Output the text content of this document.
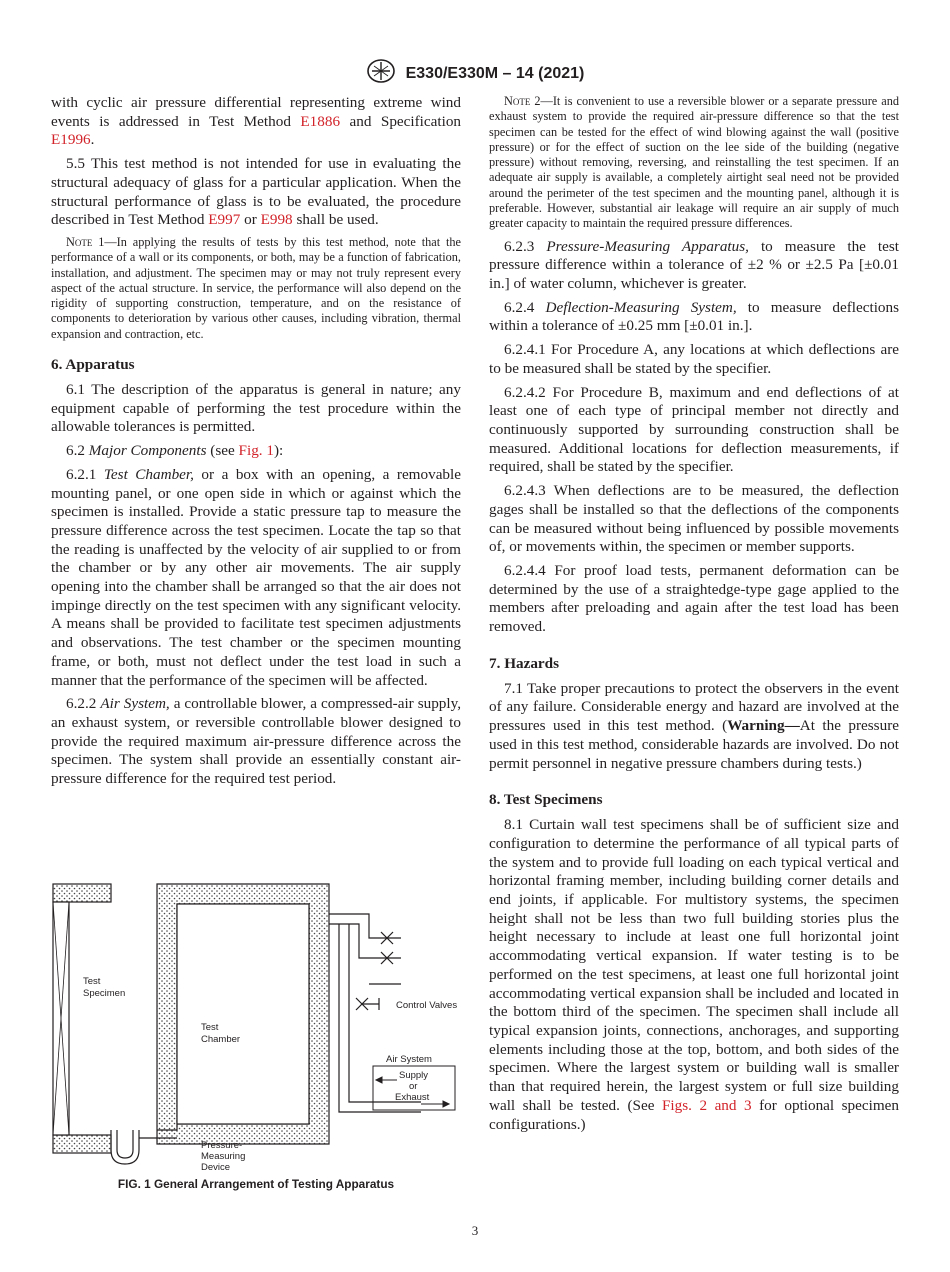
E330/E330M – 14 (2021)

with cyclic air pressure differential representing extreme wind events is addressed in Test Method E1886 and Specification E1996.

5.5 This test method is not intended for use in evaluating the structural adequacy of glass for a particular application. When the structural performance of glass is to be evaluated, the procedure described in Test Method E997 or E998 shall be used.

Note 1—In applying the results of tests by this test method, note that the performance of a wall or its components, or both, may be a function of fabrication, installation, and adjustment. The specimen may or may not truly represent every aspect of the actual structure. In service, the performance will also depend on the rigidity of supporting construction, temperature, and on the resistance of components to deterioration by various other causes, including vibration, thermal expansion and contraction, etc.

6. Apparatus

6.1 The description of the apparatus is general in nature; any equipment capable of performing the test procedure within the allowable tolerances is permitted.

6.2 Major Components (see Fig. 1):

6.2.1 Test Chamber, or a box with an opening, a removable mounting panel, or one open side in which or against which the specimen is installed. Provide a static pressure tap to measure the pressure difference across the test specimen. Locate the tap so that the reading is unaffected by the velocity of air supplied to or from the chamber or by any other air movements. The air supply opening into the chamber shall be arranged so that the air does not impinge directly on the test specimen with any significant velocity. A means shall be provided to facilitate test specimen adjustments and observations. The test chamber or the specimen mounting frame, or both, must not deflect under the test load in such a manner that the performance of the specimen will be affected.

6.2.2 Air System, a controllable blower, a compressed-air supply, an exhaust system, or reversible controllable blower designed to provide the required maximum air-pressure difference across the specimen. The system shall provide an essentially constant air-pressure difference for the required test period.

Test
Specimen
Test
Chamber
Control Valves
Air System
Supply
or
Exhaust
Pressure-
Measuring
Device
FIG. 1 General Arrangement of Testing Apparatus

Note 2—It is convenient to use a reversible blower or a separate pressure and exhaust system to provide the required air-pressure difference so that the test specimen can be tested for the effect of wind blowing against the wall (positive pressure) or for the effect of suction on the lee side of the building (negative pressure) without removing, reversing, and reinstalling the test specimen. If an adequate air supply is available, a completely airtight seal need not be provided around the perimeter of the test specimen and the mounting panel, although it is preferable. However, substantial air leakage will require an air supply of much greater capacity to maintain the required pressure differences.

6.2.3 Pressure-Measuring Apparatus, to measure the test pressure difference within a tolerance of ±2 % or ±2.5 Pa [±0.01 in.] of water column, whichever is greater.

6.2.4 Deflection-Measuring System, to measure deflections within a tolerance of ±0.25 mm [±0.01 in.].

6.2.4.1 For Procedure A, any locations at which deflections are to be measured shall be stated by the specifier.

6.2.4.2 For Procedure B, maximum and end deflections of at least one of each type of principal member not directly and continuously supported by surrounding construction shall be measured. Additional locations for deflection measurements, if required, shall be stated by the specifier.

6.2.4.3 When deflections are to be measured, the deflection gages shall be installed so that the deflections of the components can be measured without being influenced by possible movements of, or movements within, the specimen or member supports.

6.2.4.4 For proof load tests, permanent deformation can be determined by the use of a straightedge-type gage applied to the members after preloading and again after the test load has been removed.

7. Hazards

7.1 Take proper precautions to protect the observers in the event of any failure. Considerable energy and hazard are involved at the pressures used in this test method. (Warning—At the pressure used in this test method, considerable hazards are involved. Do not permit personnel in negative pressure chambers during tests.)

8. Test Specimens

8.1 Curtain wall test specimens shall be of sufficient size and configuration to determine the performance of all typical parts of the system and to provide full loading on each typical vertical and horizontal framing member, including building corner details and end joints, if applicable. For multistory systems, the specimen height shall not be less than two full building stories plus the height necessary to include at least one full horizontal joint accommodating vertical expansion. If water testing is to be performed on the test specimens, at least one full horizontal joint accommodating vertical expansion shall be included and located in the bottom third of the specimen. The specimen shall include all typical expansion joints, connections, anchorages, and supporting elements including those at the top, bottom, and both sides of the specimen. Where the largest system or building wall is smaller than that required herein, the largest system or full size building wall shall be tested. (See Figs. 2 and 3 for optional specimen configurations.)

3
